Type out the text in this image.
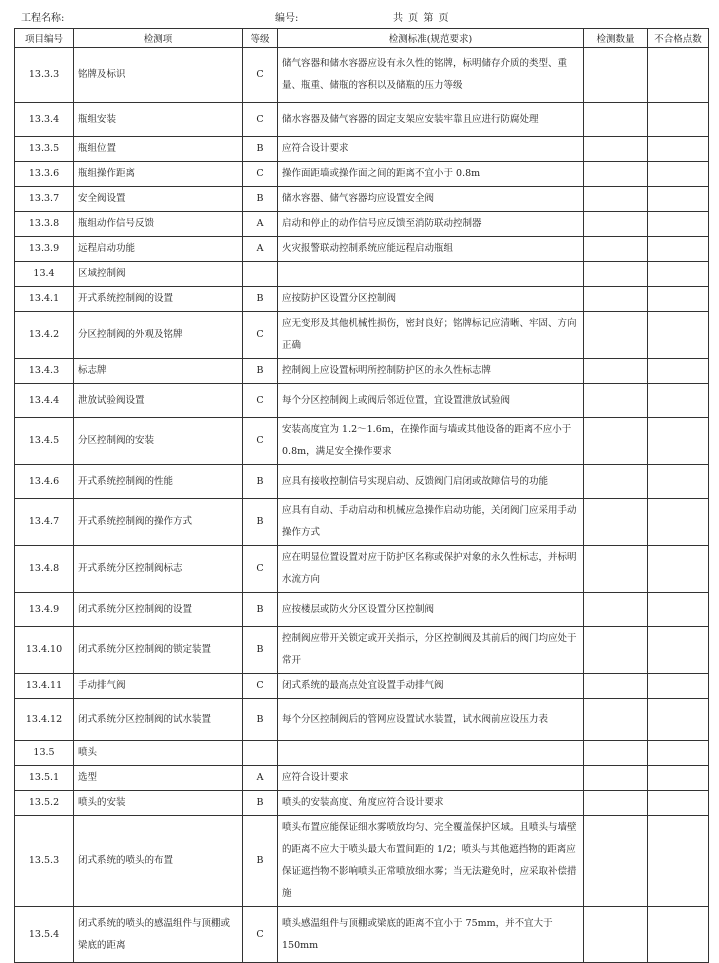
工程名称:	编号:	共 页 第 页
项目编号	检测项	等级	检测标准(规范要求)	检测数量	不合格点数
13.3.3	铭牌及标识	C	储气容器和储水容器应设有永久性的铭牌，标明储存介质的类型、重量、瓶重、储瓶的容积以及储瓶的压力等级		
13.3.4	瓶组安装	C	储水容器及储气容器的固定支架应安装牢靠且应进行防腐处理		
13.3.5	瓶组位置	B	应符合设计要求		
13.3.6	瓶组操作距离	C	操作面距墙或操作面之间的距离不宜小于 0.8m		
13.3.7	安全阀设置	B	储水容器、储气容器均应设置安全阀		
13.3.8	瓶组动作信号反馈	A	启动和停止的动作信号应反馈至消防联动控制器		
13.3.9	远程启动功能	A	火灾报警联动控制系统应能远程启动瓶组		
13.4	区域控制阀				
13.4.1	开式系统控制阀的设置	B	应按防护区设置分区控制阀		
13.4.2	分区控制阀的外观及铭牌	C	应无变形及其他机械性损伤，密封良好；铭牌标记应清晰、牢固、方向正确		
13.4.3	标志牌	B	控制阀上应设置标明所控制防护区的永久性标志牌		
13.4.4	泄放试验阀设置	C	每个分区控制阀上或阀后邻近位置，宜设置泄放试验阀		
13.4.5	分区控制阀的安装	C	安装高度宜为 1.2～1.6m，在操作面与墙或其他设备的距离不应小于 0.8m，满足安全操作要求		
13.4.6	开式系统控制阀的性能	B	应具有接收控制信号实现启动、反馈阀门启闭或故障信号的功能		
13.4.7	开式系统控制阀的操作方式	B	应具有自动、手动启动和机械应急操作启动功能，关闭阀门应采用手动操作方式		
13.4.8	开式系统分区控制阀标志	C	应在明显位置设置对应于防护区名称或保护对象的永久性标志，并标明水流方向		
13.4.9	闭式系统分区控制阀的设置	B	应按楼层或防火分区设置分区控制阀		
13.4.10	闭式系统分区控制阀的锁定装置	B	控制阀应带开关锁定或开关指示，分区控制阀及其前后的阀门均应处于常开		
13.4.11	手动排气阀	C	闭式系统的最高点处宜设置手动排气阀		
13.4.12	闭式系统分区控制阀的试水装置	B	每个分区控制阀后的管网应设置试水装置，试水阀前应设压力表		
13.5	喷头				
13.5.1	选型	A	应符合设计要求		
13.5.2	喷头的安装	B	喷头的安装高度、角度应符合设计要求		
13.5.3	闭式系统的喷头的布置	B	喷头布置应能保证细水雾喷放均匀、完全覆盖保护区域。且喷头与墙壁的距离不应大于喷头最大布置间距的 1/2；喷头与其他遮挡物的距离应保证遮挡物不影响喷头正常喷放细水雾；当无法避免时，应采取补偿措施		
13.5.4	闭式系统的喷头的感温组件与顶棚或梁底的距离	C	喷头感温组件与顶棚或梁底的距离不宜小于 75mm，并不宜大于 150mm		
